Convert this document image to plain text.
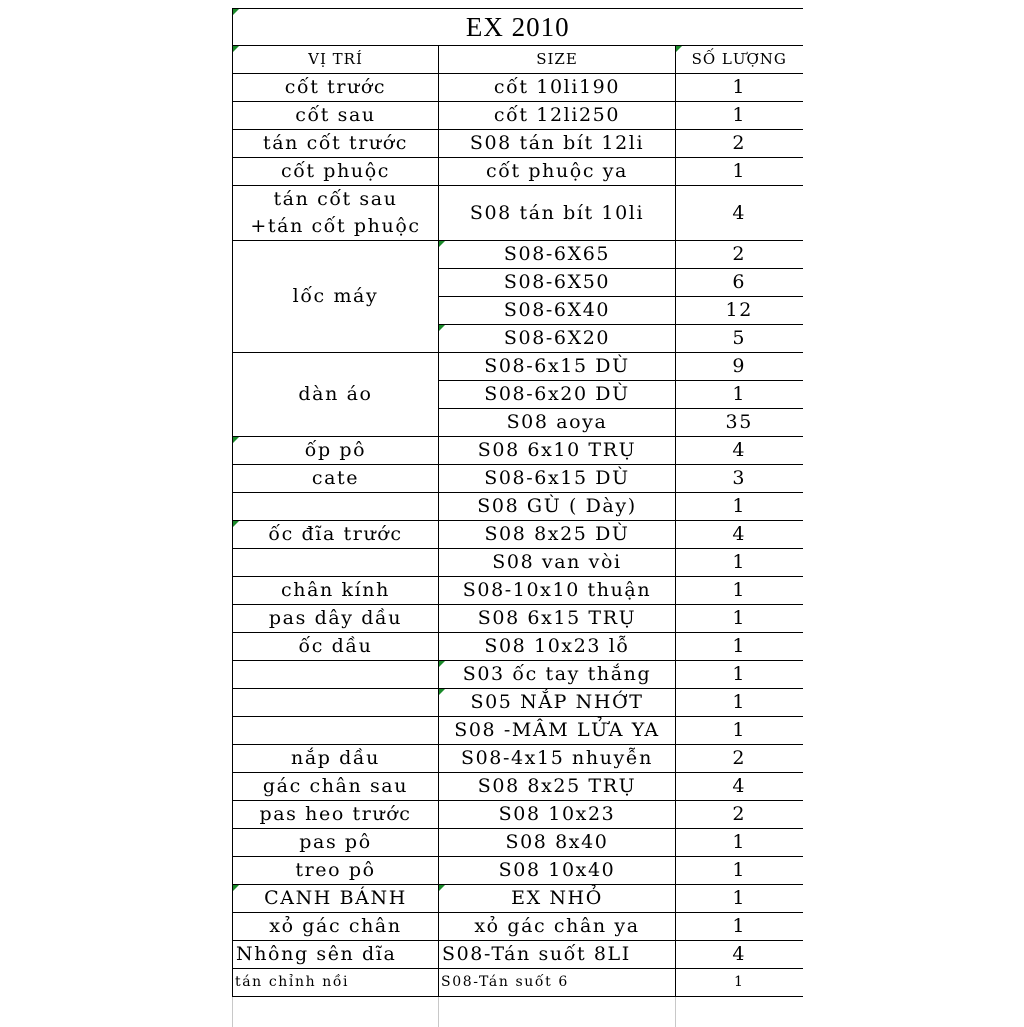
EX 2010		
VỊ TRÍ	SIZE	SỐ LƯỢNG
cốt trước	cốt 10li190	1
cốt sau	cốt 12li250	1
tán cốt trước	S08 tán bít 12li	2
cốt phuộc	cốt phuộc ya	1
tán cốt sau
+tán cốt phuộc	S08 tán bít 10li	4
lốc máy	S08-6X65	2
	S08-6X50	6
	S08-6X40	12
	S08-6X20	5
dàn áo	S08-6x15 DÙ	9
	S08-6x20 DÙ	1
	S08 aoya	35
ốp pô	S08 6x10 TRỤ	4
cate	S08-6x15 DÙ	3
	S08 GÙ ( Dày)	1
ốc đĩa trước	S08 8x25 DÙ	4
	S08 van vòi	1
chân kính	S08-10x10 thuận	1
pas dây dầu	S08 6x15 TRỤ	1
ốc dầu	S08 10x23 lỗ	1
	S03 ốc tay thắng	1
	S05 NẮP NHỚT	1
	S08 -MÂM LỬA YA	1
nắp dầu	S08-4x15 nhuyễn	2
gác chân sau	S08 8x25 TRỤ	4
pas heo trước	S08 10x23	2
pas pô	S08 8x40	1
treo pô	S08 10x40	1
CANH BÁNH	EX NHỎ	1
xỏ gác chân	xỏ gác chân ya	1
Nhông sên dĩa	S08-Tán suốt 8LI	4
tán chỉnh nồi	S08-Tán suốt 6	1
